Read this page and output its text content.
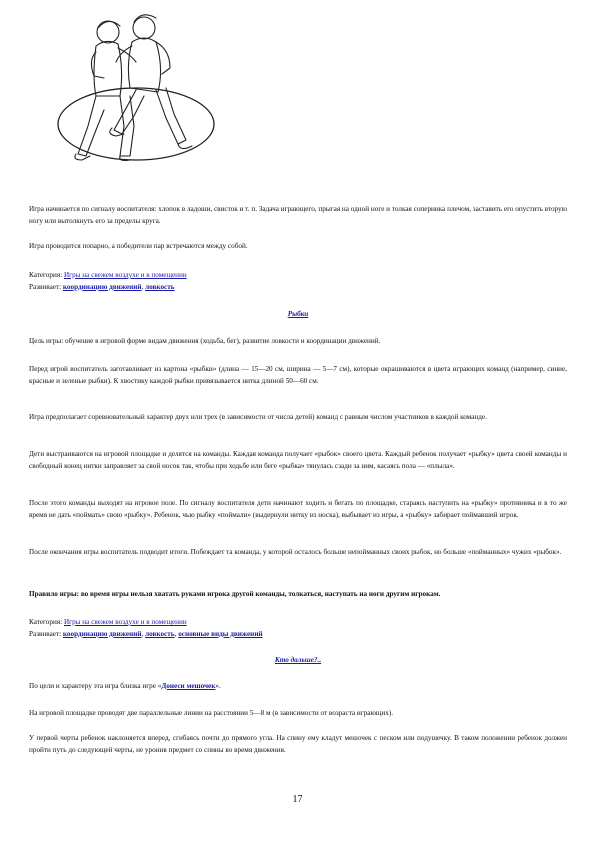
Игра начинается по сигналу воспитателя: хлопок в ладоши, свисток и т. п. Задача играющего, прыгая на одной ноге и толкая соперника плечом, заставить его опустить вторую ногу или вытолкнуть его за пределы круга.

Игра проводится попарно, а победители пар встречаются между собой.

Категория: Игры на свежем воздухе и в помещении
Развивает: координацию движений, ловкость

Рыбки

Цель игры: обучение в игровой форме видам движения (ходьба, бег), развитие ловкости и координации движений.

Перед игрой воспитатель заготавливает из картона «рыбки» (длина — 15—20 см, ширина — 5—7 см), которые окрашиваются в цвета играющих команд (например, синие, красные и зеленые рыбки). К хвостику каждой рыбки привязывается нитка длиной 50—60 см.

Игра предполагает соревновательный характер двух или трех (в зависимости от числа детей) команд с равным числом участников в каждой команде.

Дети выстраиваются на игровой площадке и делятся на команды. Каждая команда получает «рыбок» своего цвета. Каждый ребенок получает «рыбку» цвета своей команды и свободный конец нитки заправляет за свой носок так, чтобы при ходьбе или беге «рыбка» тянулась сзади за ним, касаясь пола — «плыла».

После этого команды выходят на игровое поле. По сигналу воспитателя дети начинают ходить и бегать по площадке, стараясь наступить на «рыбку» противника и в то же время не дать «поймать» свою «рыбку». Ребенок, чью рыбку «поймали» (выдернули нитку из носка), выбывает из игры, а «рыбку» забирает поймавший игрок.

После окончания игры воспитатель подводит итоги. Побеждает та команда, у которой осталось больше непойманных своих рыбок, но больше «пойманных» чужих «рыбок».

Правило игры: во время игры нельзя хватать руками игрока другой команды, толкаться, наступать на ноги другим игрокам.

Категория: Игры на свежем воздухе и в помещении
Развивает: координацию движений, ловкость, основные виды движений

Кто дальше?..

По цели и характеру эта игра близка игре «Донеси мешочек».

На игровой площадке проводят две параллельные линии на расстоянии 5—8 м (в зависимости от возраста играющих).

У первой черты ребенок наклоняется вперед, сгибаясь почти до прямого угла. На спину ему кладут мешочек с песком или подушечку. В таком положении ребенок должен пройти путь до следующей черты, не уронив предмет со спины во время движения.

17
